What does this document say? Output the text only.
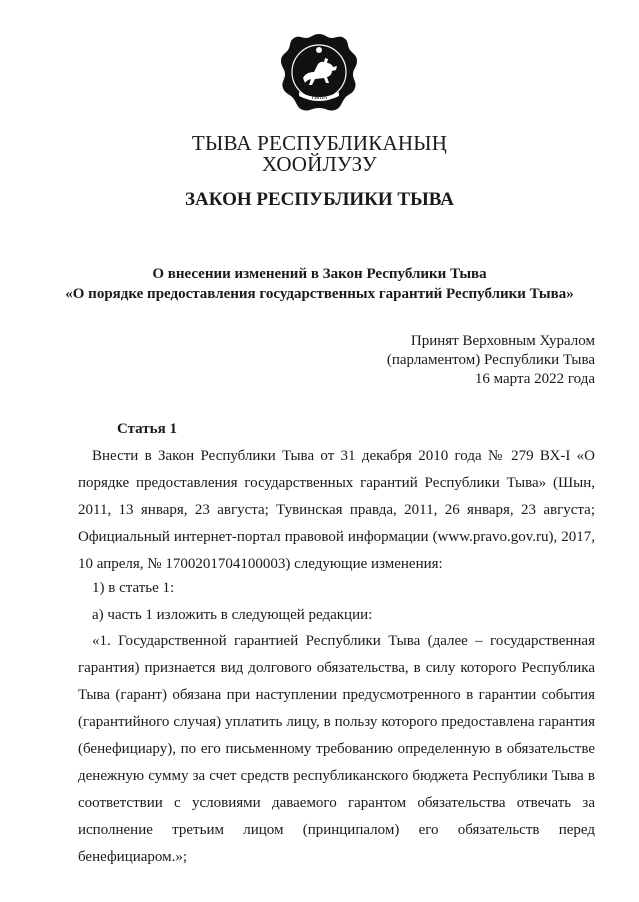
ТЫВА
ТЫВА РЕСПУБЛИКАНЫҢ
ХООЙЛУЗУ
ЗАКОН РЕСПУБЛИКИ ТЫВА
О внесении изменений в Закон Республики Тыва
«О порядке предоставления государственных гарантий Республики Тыва»
Принят Верховным Хуралом
(парламентом) Республики Тыва
16 марта 2022 года
Статья 1
Внести в Закон Республики Тыва от 31 декабря 2010 года № 279 ВХ-I «О порядке предоставления государственных гарантий Республики Тыва» (Шын, 2011, 13 января, 23 августа; Тувинская правда, 2011, 26 января, 23 августа; Официальный интернет-портал правовой информации (www.pravo.gov.ru), 2017, 10 апреля, № 1700201704100003) следующие изменения:
1) в статье 1:
а) часть 1 изложить в следующей редакции:
«1. Государственной гарантией Республики Тыва (далее – государственная гарантия) признается вид долгового обязательства, в силу которого Республика Тыва (гарант) обязана при наступлении предусмотренного в гарантии события (гарантийного случая) уплатить лицу, в пользу которого предоставлена гарантия (бенефициару), по его письменному требованию определенную в обязательстве денежную сумму за счет средств республиканского бюджета Республики Тыва в соответствии с условиями даваемого гарантом обязательства отвечать за исполнение третьим лицом (принципалом) его обязательств перед бенефициаром.»;
